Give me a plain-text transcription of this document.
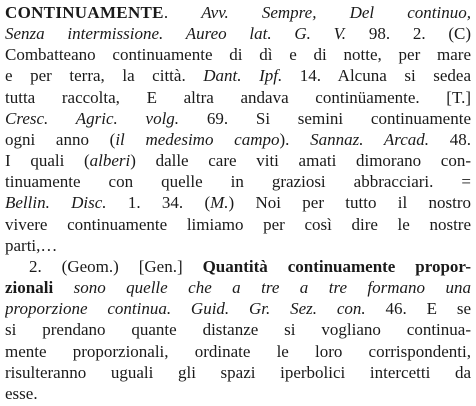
CONTINUAMENTE. Avv. Sempre, Del continuo,
Senza intermissione. Aureo lat. G. V. 98. 2. (C)
Combatteano continuamente di dì e di notte, per mare
e per terra, la città. Dant. Ipf. 14. Alcuna si sedea
tutta raccolta, E altra andava continüamente. [T.]
Cresc. Agric. volg. 69. Si semini continuamente
ogni anno (il medesimo campo). Sannaz. Arcad. 48.
I quali (alberi) dalle care viti amati dimorano con-
tinuamente con quelle in graziosi abbracciari. =
Bellin. Disc. 1. 34. (M.) Noi per tutto il nostro
vivere continuamente limiamo per così dire le nostre
parti,…
2. (Geom.) [Gen.] Quantità continuamente propor-
zionali sono quelle che a tre a tre formano una
proporzione continua. Guid. Gr. Sez. con. 46. E se
si prendano quante distanze si vogliano continua-
mente proporzionali, ordinate le loro corrispondenti,
risulteranno uguali gli spazi iperbolici intercetti da
esse.
